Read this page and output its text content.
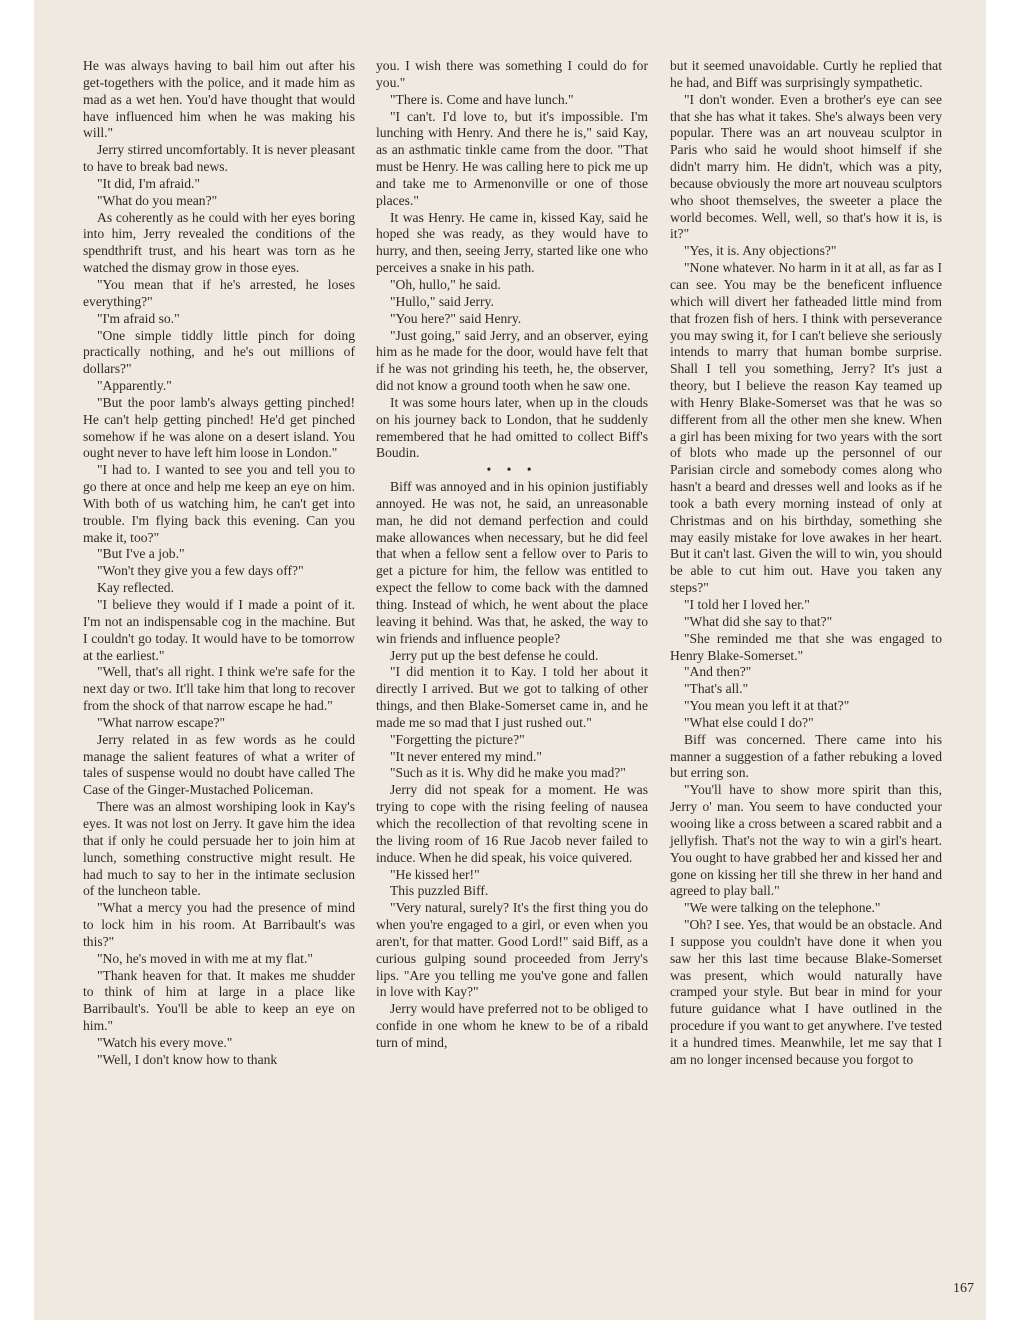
He was always having to bail him out after his get-togethers with the police, and it made him as mad as a wet hen. You'd have thought that would have influenced him when he was making his will."

Jerry stirred uncomfortably. It is never pleasant to have to break bad news.

"It did, I'm afraid."

"What do you mean?"

As coherently as he could with her eyes boring into him, Jerry revealed the conditions of the spendthrift trust, and his heart was torn as he watched the dismay grow in those eyes.

"You mean that if he's arrested, he loses everything?"

"I'm afraid so."

"One simple tiddly little pinch for doing practically nothing, and he's out millions of dollars?"

"Apparently."

"But the poor lamb's always getting pinched! He can't help getting pinched! He'd get pinched somehow if he was alone on a desert island. You ought never to have left him loose in London."

"I had to. I wanted to see you and tell you to go there at once and help me keep an eye on him. With both of us watching him, he can't get into trouble. I'm flying back this evening. Can you make it, too?"

"But I've a job."

"Won't they give you a few days off?"

Kay reflected.

"I believe they would if I made a point of it. I'm not an indispensable cog in the machine. But I couldn't go today. It would have to be tomorrow at the earliest."

"Well, that's all right. I think we're safe for the next day or two. It'll take him that long to recover from the shock of that narrow escape he had."

"What narrow escape?"

Jerry related in as few words as he could manage the salient features of what a writer of tales of suspense would no doubt have called The Case of the Ginger-Mustached Policeman.

There was an almost worshiping look in Kay's eyes. It was not lost on Jerry. It gave him the idea that if only he could persuade her to join him at lunch, something constructive might result. He had much to say to her in the intimate seclusion of the luncheon table.

"What a mercy you had the presence of mind to lock him in his room. At Barribault's was this?"

"No, he's moved in with me at my flat."

"Thank heaven for that. It makes me shudder to think of him at large in a place like Barribault's. You'll be able to keep an eye on him."

"Watch his every move."

"Well, I don't know how to thank

you. I wish there was something I could do for you."

"There is. Come and have lunch."

"I can't. I'd love to, but it's impossible. I'm lunching with Henry. And there he is," said Kay, as an asthmatic tinkle came from the door. "That must be Henry. He was calling here to pick me up and take me to Armenonville or one of those places."

It was Henry. He came in, kissed Kay, said he hoped she was ready, as they would have to hurry, and then, seeing Jerry, started like one who perceives a snake in his path.

"Oh, hullo," he said.

"Hullo," said Jerry.

"You here?" said Henry.

"Just going," said Jerry, and an observer, eying him as he made for the door, would have felt that if he was not grinding his teeth, he, the observer, did not know a ground tooth when he saw one.

It was some hours later, when up in the clouds on his journey back to London, that he suddenly remembered that he had omitted to collect Biff's Boudin.

• • •

Biff was annoyed and in his opinion justifiably annoyed. He was not, he said, an unreasonable man, he did not demand perfection and could make allowances when necessary, but he did feel that when a fellow sent a fellow over to Paris to get a picture for him, the fellow was entitled to expect the fellow to come back with the damned thing. Instead of which, he went about the place leaving it behind. Was that, he asked, the way to win friends and influence people?

Jerry put up the best defense he could.

"I did mention it to Kay. I told her about it directly I arrived. But we got to talking of other things, and then Blake-Somerset came in, and he made me so mad that I just rushed out."

"Forgetting the picture?"

"It never entered my mind."

"Such as it is. Why did he make you mad?"

Jerry did not speak for a moment. He was trying to cope with the rising feeling of nausea which the recollection of that revolting scene in the living room of 16 Rue Jacob never failed to induce. When he did speak, his voice quivered.

"He kissed her!"

This puzzled Biff.

"Very natural, surely? It's the first thing you do when you're engaged to a girl, or even when you aren't, for that matter. Good Lord!" said Biff, as a curious gulping sound proceeded from Jerry's lips. "Are you telling me you've gone and fallen in love with Kay?"

Jerry would have preferred not to be obliged to confide in one whom he knew to be of a ribald turn of mind,

but it seemed unavoidable. Curtly he replied that he had, and Biff was surprisingly sympathetic.

"I don't wonder. Even a brother's eye can see that she has what it takes. She's always been very popular. There was an art nouveau sculptor in Paris who said he would shoot himself if she didn't marry him. He didn't, which was a pity, because obviously the more art nouveau sculptors who shoot themselves, the sweeter a place the world becomes. Well, well, so that's how it is, is it?"

"Yes, it is. Any objections?"

"None whatever. No harm in it at all, as far as I can see. You may be the beneficent influence which will divert her fatheaded little mind from that frozen fish of hers. I think with perseverance you may swing it, for I can't believe she seriously intends to marry that human bombe surprise. Shall I tell you something, Jerry? It's just a theory, but I believe the reason Kay teamed up with Henry Blake-Somerset was that he was so different from all the other men she knew. When a girl has been mixing for two years with the sort of blots who made up the personnel of our Parisian circle and somebody comes along who hasn't a beard and dresses well and looks as if he took a bath every morning instead of only at Christmas and on his birthday, something she may easily mistake for love awakes in her heart. But it can't last. Given the will to win, you should be able to cut him out. Have you taken any steps?"

"I told her I loved her."

"What did she say to that?"

"She reminded me that she was engaged to Henry Blake-Somerset."

"And then?"

"That's all."

"You mean you left it at that?"

"What else could I do?"

Biff was concerned. There came into his manner a suggestion of a father rebuking a loved but erring son.

"You'll have to show more spirit than this, Jerry o' man. You seem to have conducted your wooing like a cross between a scared rabbit and a jellyfish. That's not the way to win a girl's heart. You ought to have grabbed her and kissed her and gone on kissing her till she threw in her hand and agreed to play ball."

"We were talking on the telephone."

"Oh? I see. Yes, that would be an obstacle. And I suppose you couldn't have done it when you saw her this last time because Blake-Somerset was present, which would naturally have cramped your style. But bear in mind for your future guidance what I have outlined in the procedure if you want to get anywhere. I've tested it a hundred times. Meanwhile, let me say that I am no longer incensed because you forgot to

167
